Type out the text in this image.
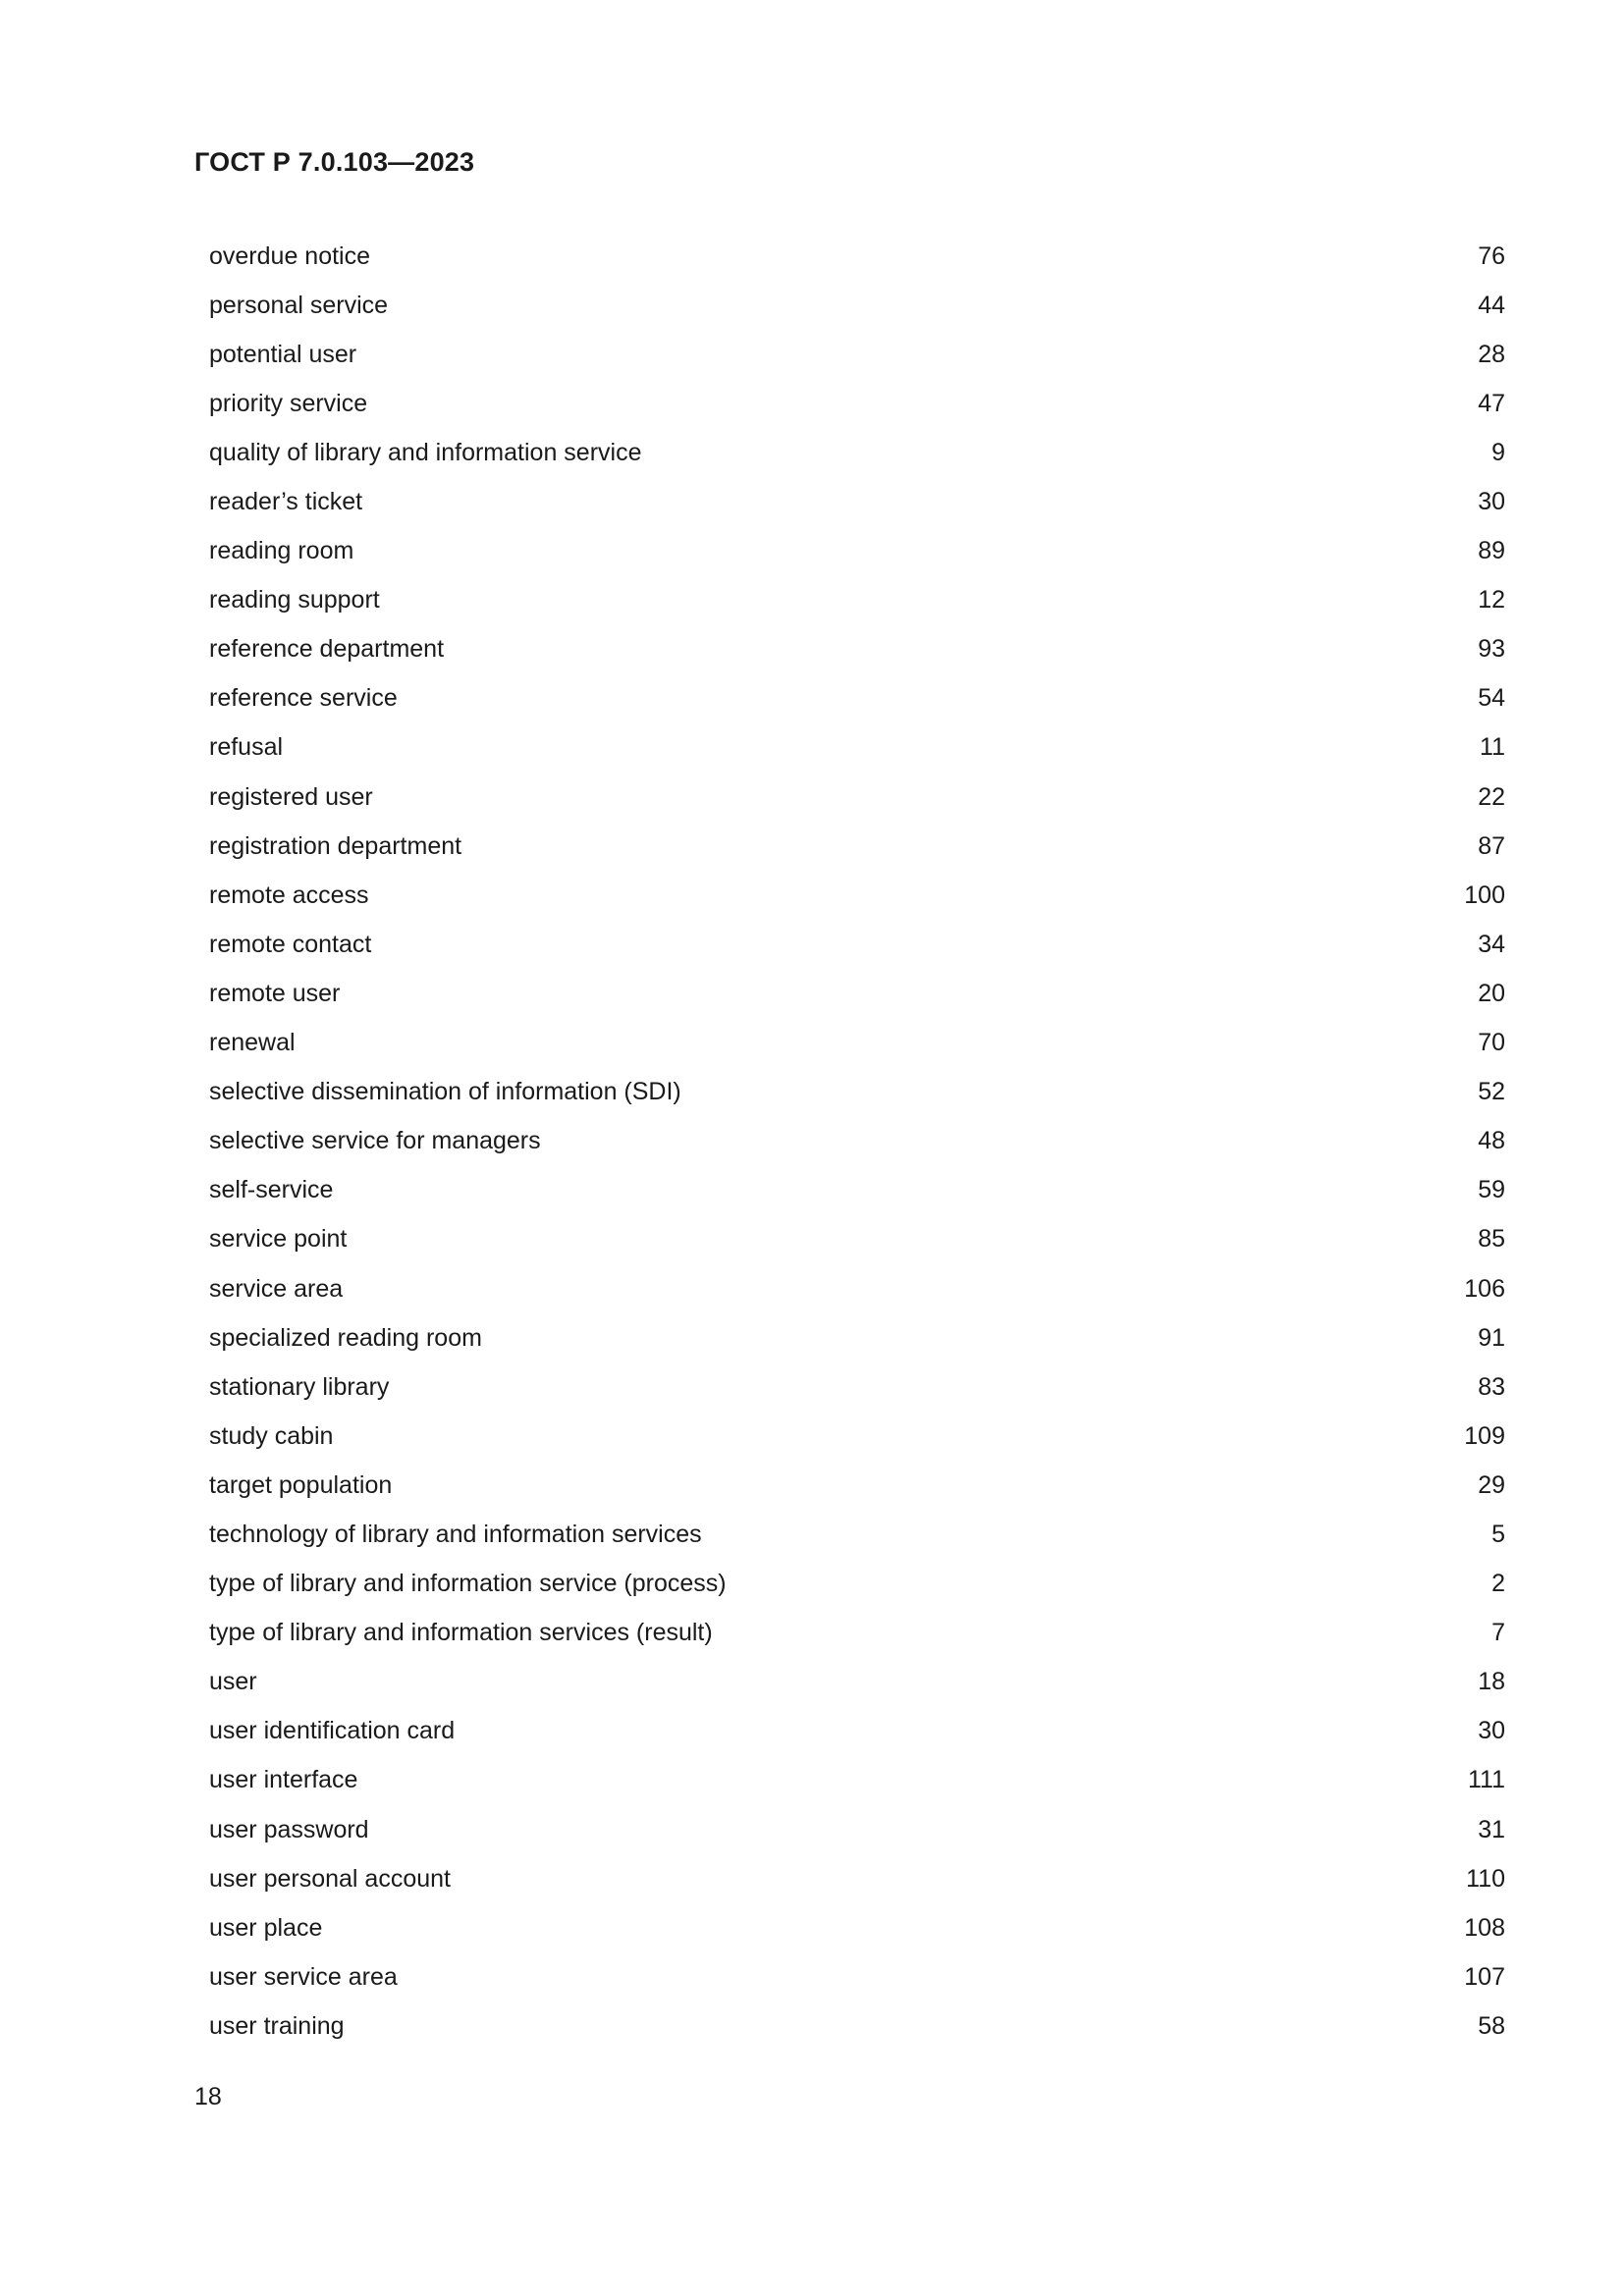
ГОСТ Р 7.0.103—2023
overdue notice	76
personal service	44
potential user	28
priority service	47
quality of library and information service	9
reader’s ticket	30
reading room	89
reading support	12
reference department	93
reference service	54
refusal	11
registered user	22
registration department	87
remote access	100
remote contact	34
remote user	20
renewal	70
selective dissemination of information (SDI)	52
selective service for managers	48
self-service	59
service point	85
service area	106
specialized reading room	91
stationary library	83
study cabin	109
target population	29
technology of library and information services	5
type of library and information service (process)	2
type of library and information services (result)	7
user	18
user identification card	30
user interface	111
user password	31
user personal account	110
user place	108
user service area	107
user training	58
18
